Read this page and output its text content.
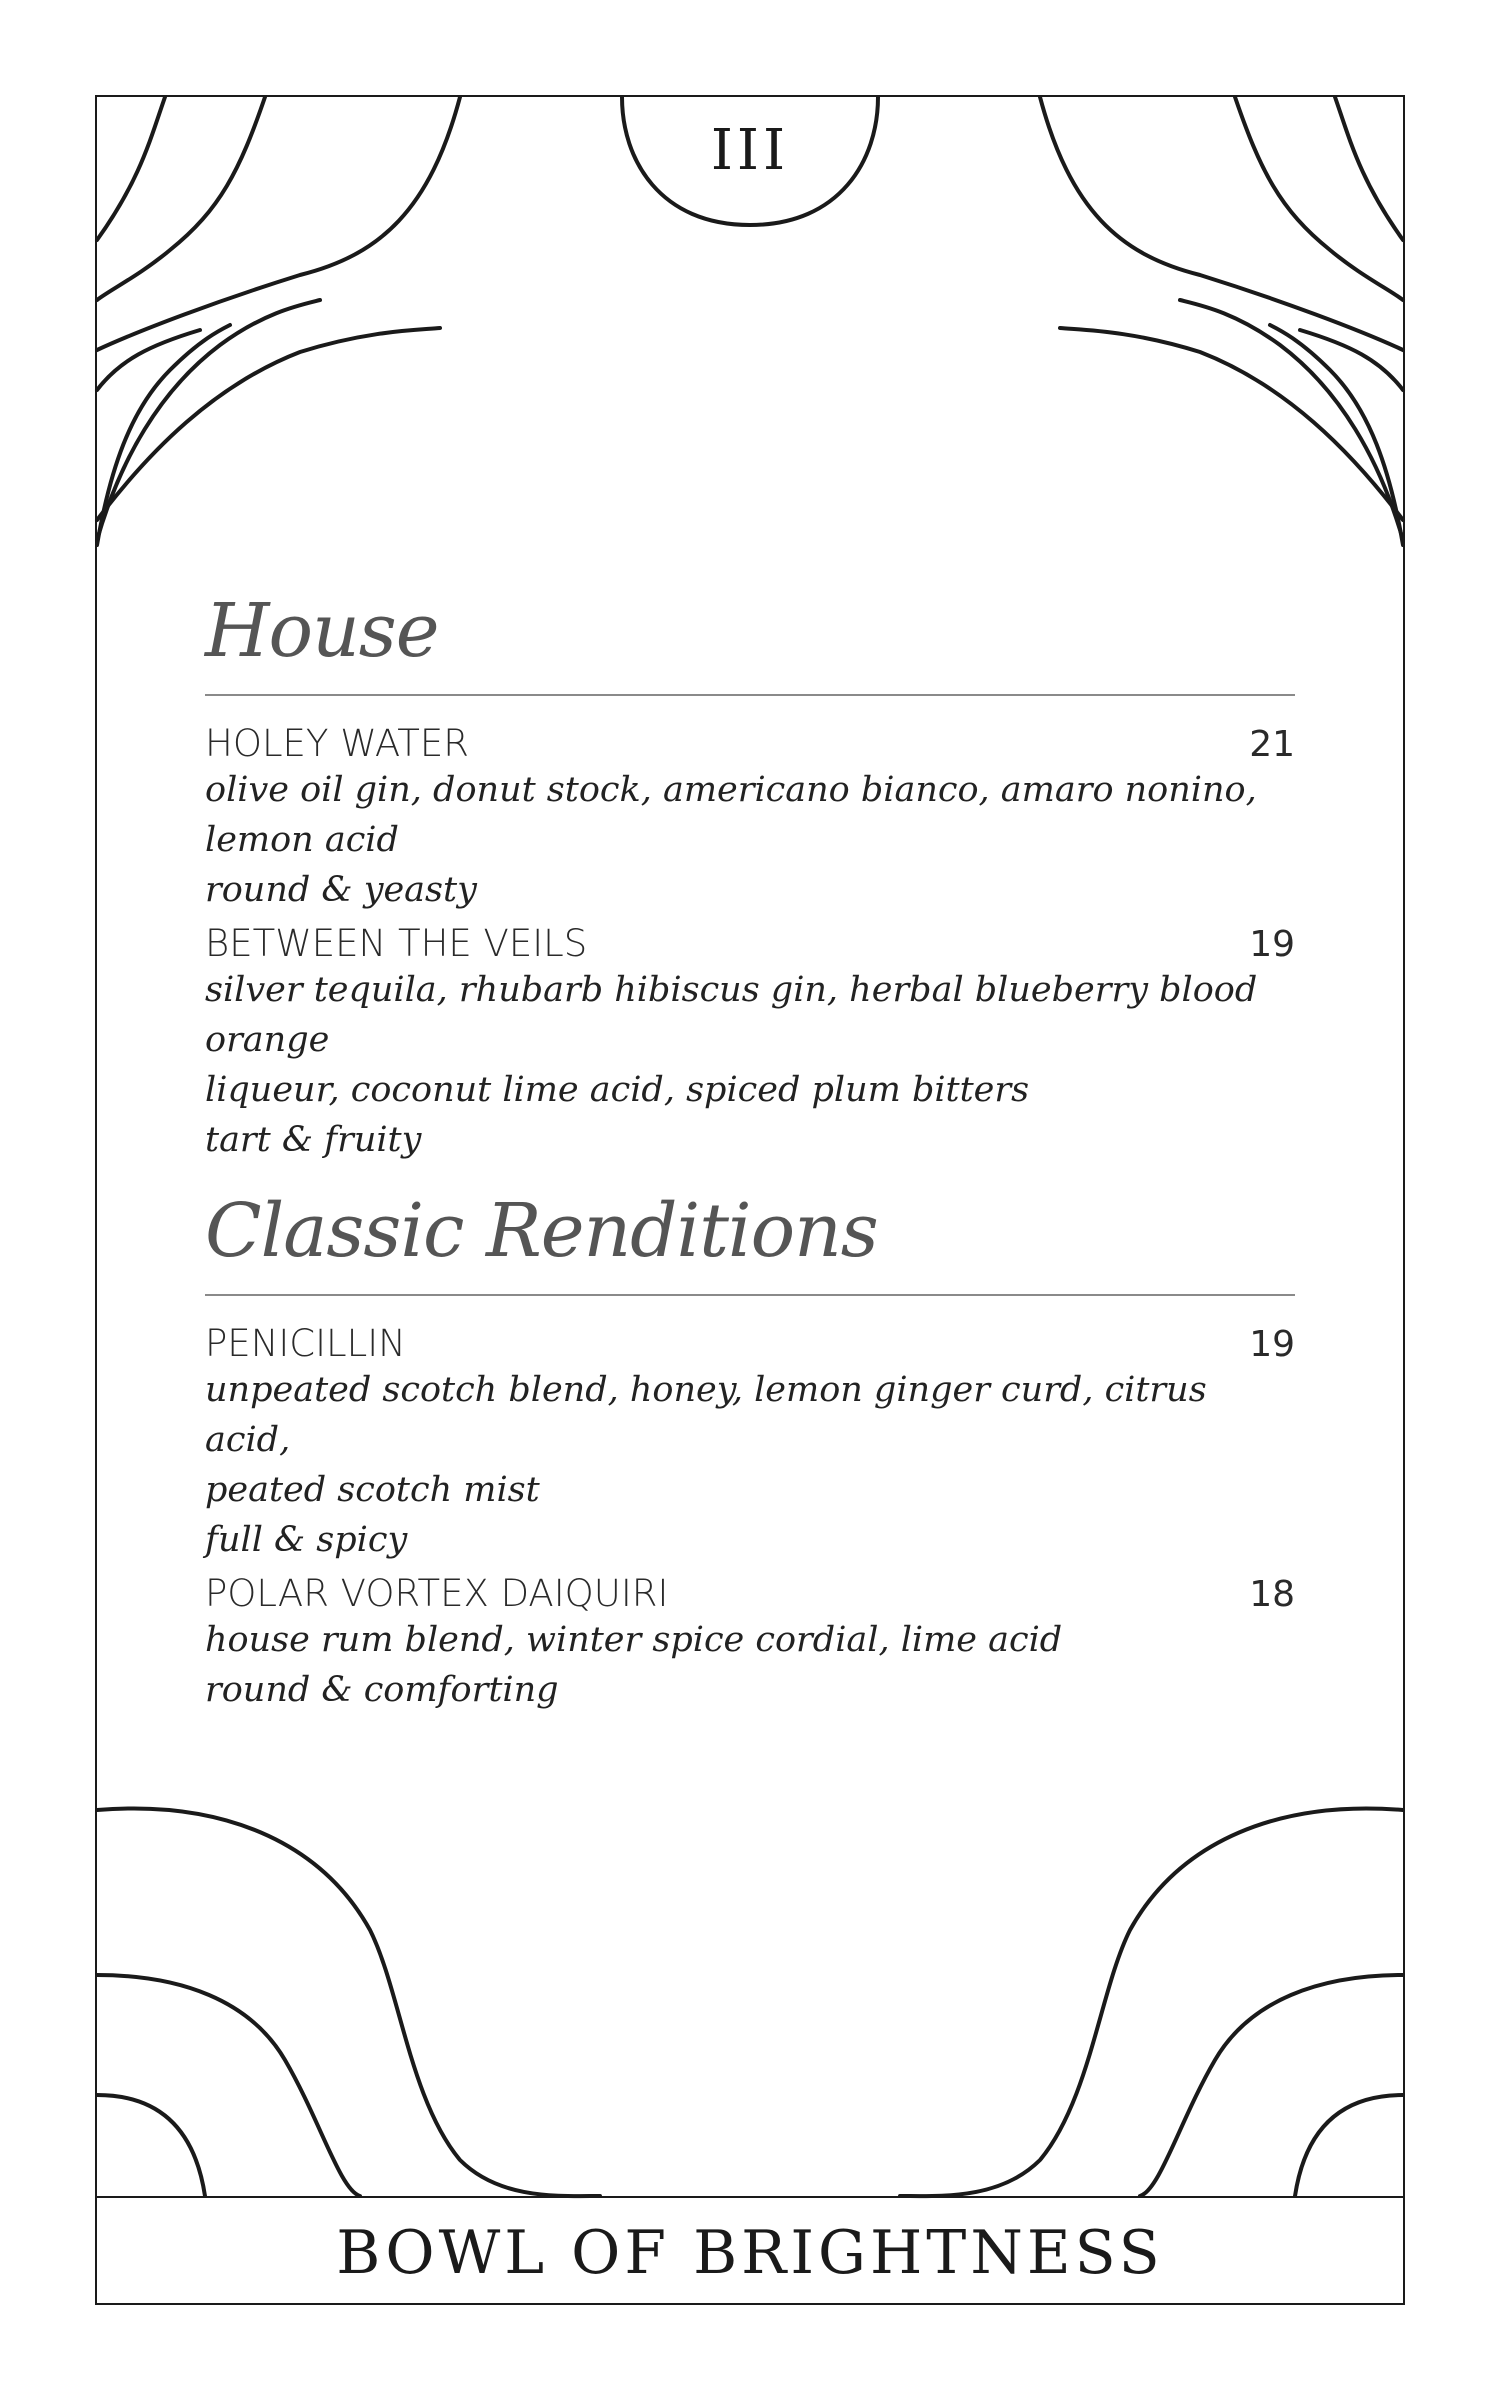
III
House
HOLEY WATER	21
olive oil gin, donut stock, americano bianco, amaro nonino, lemon acid
round & yeasty
BETWEEN THE VEILS	19
silver tequila, rhubarb hibiscus gin, herbal blueberry blood orange
liqueur, coconut lime acid, spiced plum bitters
tart & fruity
Classic Renditions
PENICILLIN	19
unpeated scotch blend, honey, lemon ginger curd, citrus acid,
peated scotch mist
full & spicy
POLAR VORTEX DAIQUIRI	18
house rum blend, winter spice cordial, lime acid
round & comforting
BOWL OF BRIGHTNESS
